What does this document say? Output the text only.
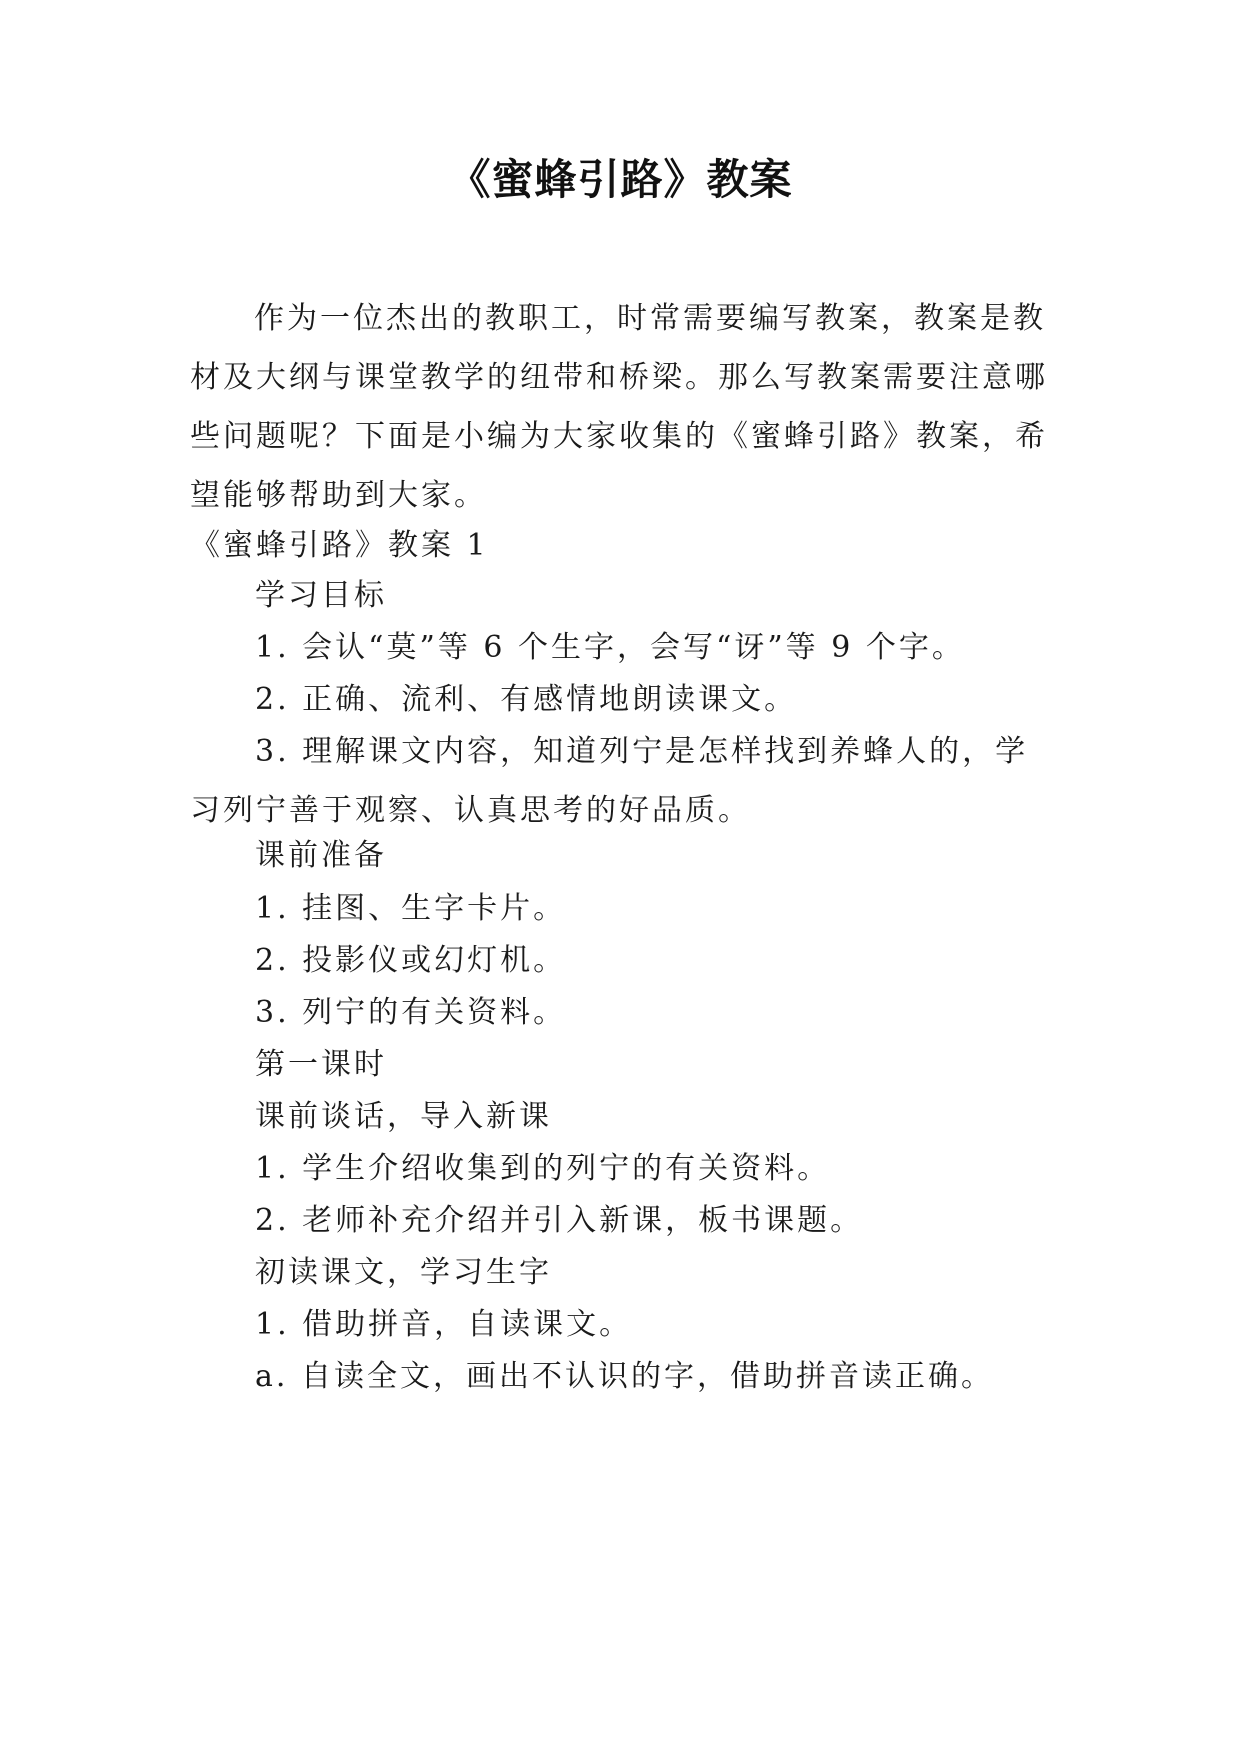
《蜜蜂引路》教案

作为一位杰出的教职工，时常需要编写教案，教案是教材及大纲与课堂教学的纽带和桥梁。那么写教案需要注意哪些问题呢？下面是小编为大家收集的《蜜蜂引路》教案，希望能够帮助到大家。

《蜜蜂引路》教案 1

学习目标

1. 会认“莫”等 6 个生字，会写“讶”等 9 个字。

2. 正确、流利、有感情地朗读课文。

3. 理解课文内容，知道列宁是怎样找到养蜂人的，学习列宁善于观察、认真思考的好品质。

课前准备

1. 挂图、生字卡片。

2. 投影仪或幻灯机。

3. 列宁的有关资料。

第一课时

课前谈话，导入新课

1. 学生介绍收集到的列宁的有关资料。

2. 老师补充介绍并引入新课，板书课题。

初读课文，学习生字

1. 借助拼音，自读课文。

a. 自读全文，画出不认识的字，借助拼音读正确。
